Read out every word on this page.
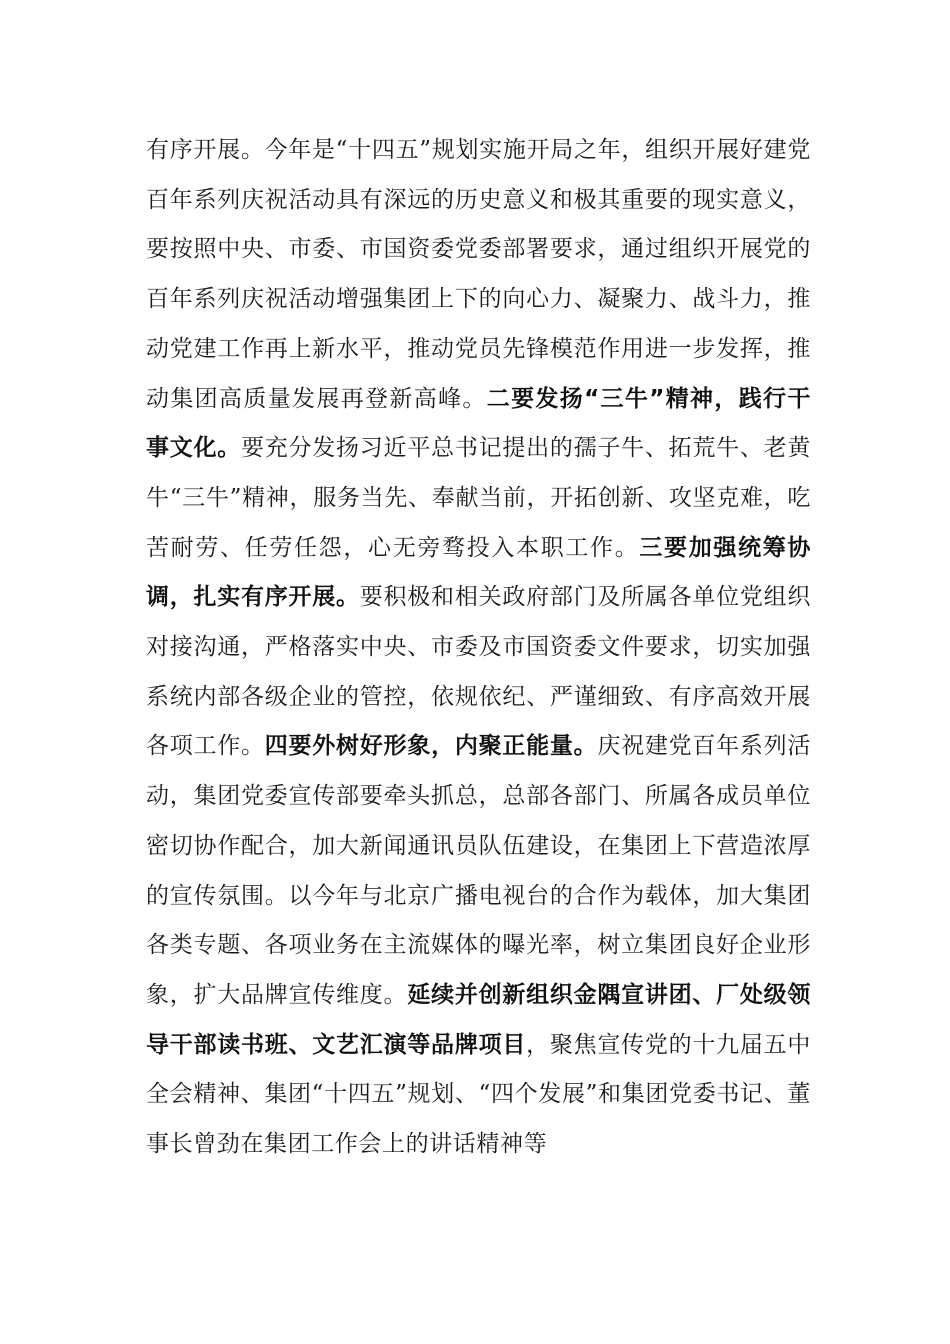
有序开展。今年是“十四五”规划实施开局之年，组织开展好建党百年系列庆祝活动具有深远的历史意义和极其重要的现实意义，要按照中央、市委、市国资委党委部署要求，通过组织开展党的百年系列庆祝活动增强集团上下的向心力、凝聚力、战斗力，推动党建工作再上新水平，推动党员先锋模范作用进一步发挥，推动集团高质量发展再登新高峰。二要发扬“三牛”精神，践行干事文化。要充分发扬习近平总书记提出的孺子牛、拓荒牛、老黄牛“三牛”精神，服务当先、奉献当前，开拓创新、攻坚克难，吃苦耐劳、任劳任怨，心无旁骛投入本职工作。三要加强统筹协调，扎实有序开展。要积极和相关政府部门及所属各单位党组织对接沟通，严格落实中央、市委及市国资委文件要求，切实加强系统内部各级企业的管控，依规依纪、严谨细致、有序高效开展各项工作。四要外树好形象，内聚正能量。庆祝建党百年系列活动，集团党委宣传部要牵头抓总，总部各部门、所属各成员单位密切协作配合，加大新闻通讯员队伍建设，在集团上下营造浓厚的宣传氛围。以今年与北京广播电视台的合作为载体，加大集团各类专题、各项业务在主流媒体的曝光率，树立集团良好企业形象，扩大品牌宣传维度。延续并创新组织金隅宣讲团、厂处级领导干部读书班、文艺汇演等品牌项目，聚焦宣传党的十九届五中全会精神、集团“十四五”规划、“四个发展”和集团党委书记、董事长曾劲在集团工作会上的讲话精神等
